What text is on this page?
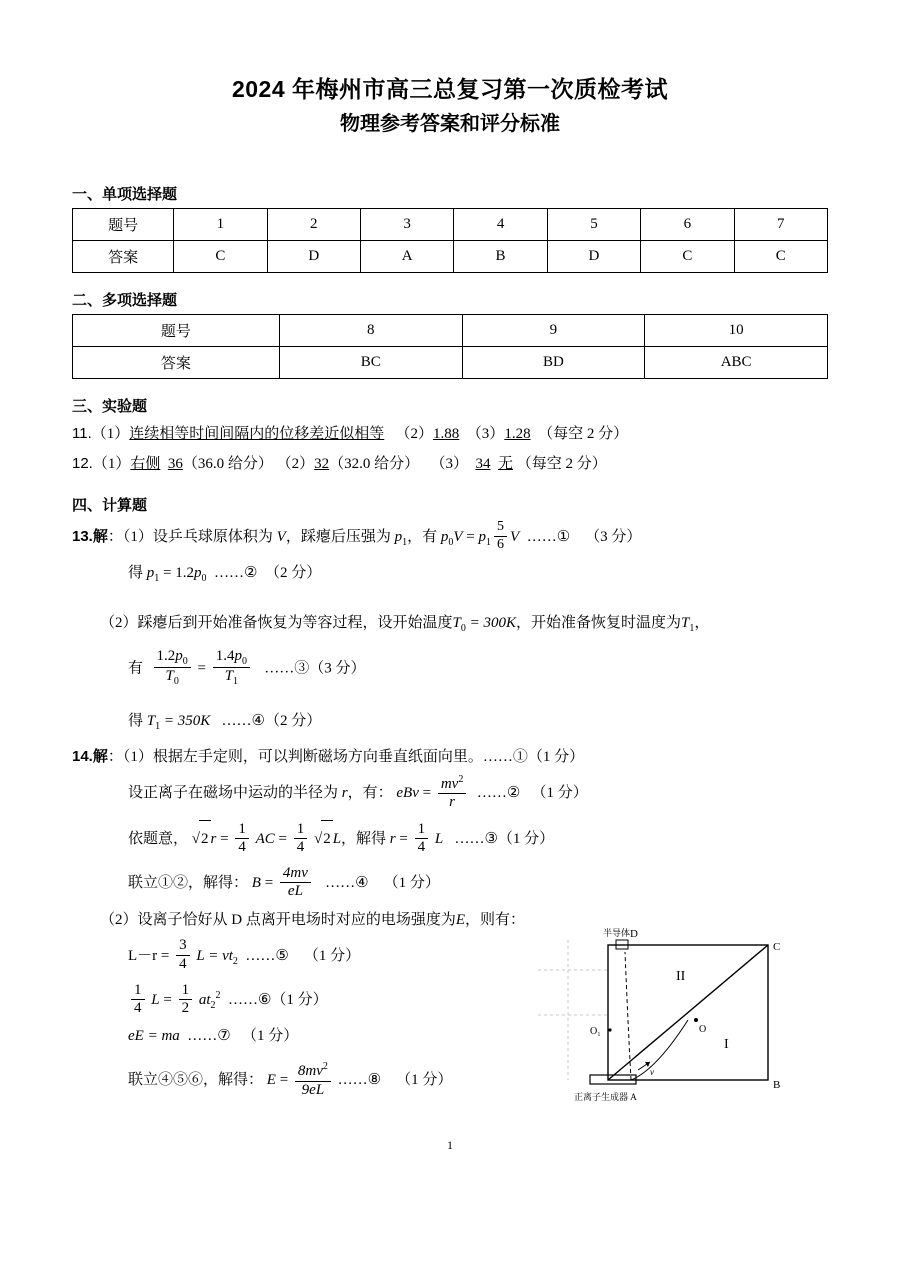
2024 年梅州市高三总复习第一次质检考试
物理参考答案和评分标准
一、单项选择题
题号	1	2	3	4	5	6	7
答案	C	D	A	B	D	C	C
二、多项选择题
题号	8	9	10
答案	BC	BD	ABC
三、实验题
11.（1）连续相等时间间隔内的位移差近似相等 （2）1.88 （3）1.28 （每空 2 分）
12.（1）右侧 36（36.0 给分） （2）32（32.0 给分） （3） 34 无 （每空 2 分）
四、计算题
13.解：（1）设乒乓球原体积为 V，踩瘪后压强为 $p_1$，有 $p_0V = p_1 \frac{5}{6}$ V ……① （3 分）
得 $p_1 = 1.2p_0$ ……② （2 分）
（2）踩瘪后到开始准备恢复为等容过程，设开始温度$T_0 = 300K$，开始准备恢复时温度为$T_1$，
有 $\frac{1.2p_0}{T_0} = \frac{1.4p_0}{T_1}$ ……③（3 分）
得 $T_1 = 350K$ ……④（2 分）
14.解：（1）根据左手定则，可以判断磁场方向垂直纸面向里。……①（1 分）
设正离子在磁场中运动的半径为 r，有： eBv = $\frac{mv^2}{r}$ ……② （1 分）
依题意， √2 $r = \frac{1}{4}$ AC = $\frac{1}{4} √2$ L，解得 $r = \frac{1}{4}$ L ……③（1 分）
联立①②，解得： $B = \frac{4mv}{eL}$ ……④ （1 分）
（2）设离子恰好从 D 点离开电场时对应的电场强度为E，则有：
半导体 D
C
B
II
I
O
O₁
v
正离子生成器 A
$L-r = \frac{3}{4}$ $L = vt_2$ ……⑤ （1 分）
$\frac{1}{4}$ $L = \frac{1}{2} at_2^2$ ……⑥（1 分）
eE = ma ……⑦ （1 分）
联立④⑤⑥，解得： $E = \frac{8mv^2}{9eL}$ ……⑧ （1 分）
1
